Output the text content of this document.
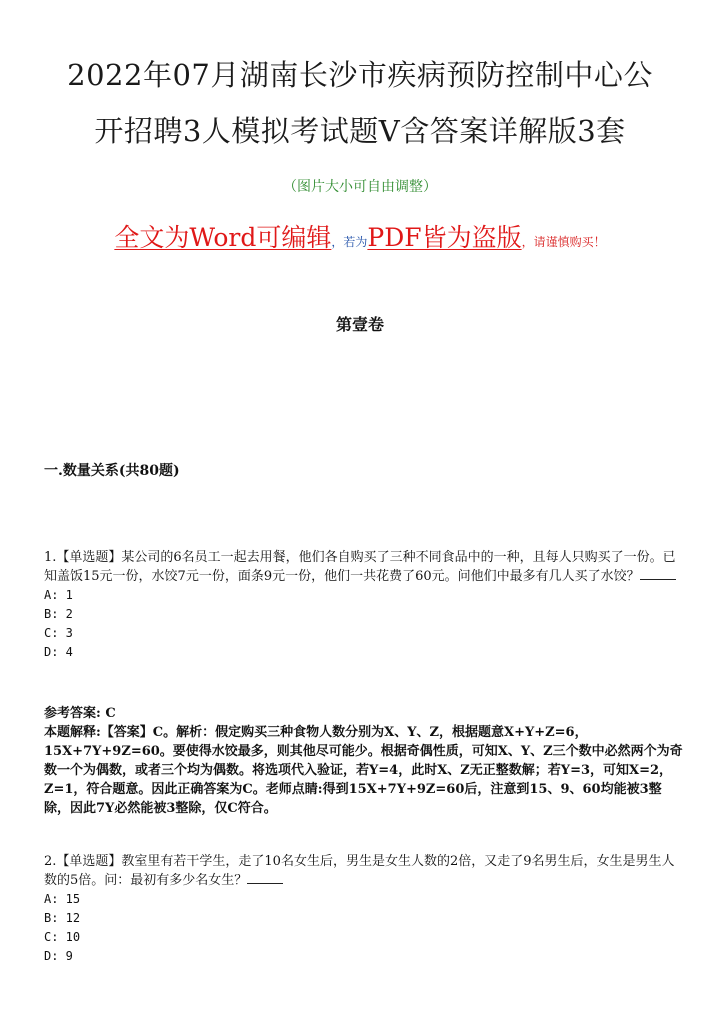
2022年07月湖南长沙市疾病预防控制中心公
开招聘3人模拟考试题V含答案详解版3套
（图片大小可自由调整）
全文为Word可编辑，若为PDF皆为盗版，请谨慎购买！
第壹卷
一.数量关系(共80题)

1.【单选题】某公司的6名员工一起去用餐，他们各自购买了三种不同食品中的一种，且每人只购买了一份。已知盖饭15元一份，水饺7元一份，面条9元一份，他们一共花费了60元。问他们中最多有几人买了水饺？

A: 1

B: 2

C: 3

D: 4

参考答案: C

本题解释:【答案】C。解析：假定购买三种食物人数分别为X、Y、Z，根据题意X+Y+Z=6，15X+7Y+9Z=60。要使得水饺最多，则其他尽可能少。根据奇偶性质，可知X、Y、Z三个数中必然两个为奇数一个为偶数，或者三个均为偶数。将选项代入验证，若Y=4，此时X、Z无正整数解；若Y=3，可知X=2，Z=1，符合题意。因此正确答案为C。老师点睛:得到15X+7Y+9Z=60后，注意到15、9、60均能被3整除，因此7Y必然能被3整除，仅C符合。

2.【单选题】教室里有若干学生，走了10名女生后，男生是女生人数的2倍，又走了9名男生后，女生是男生人数的5倍。问：最初有多少名女生？

A: 15

B: 12

C: 10

D: 9
